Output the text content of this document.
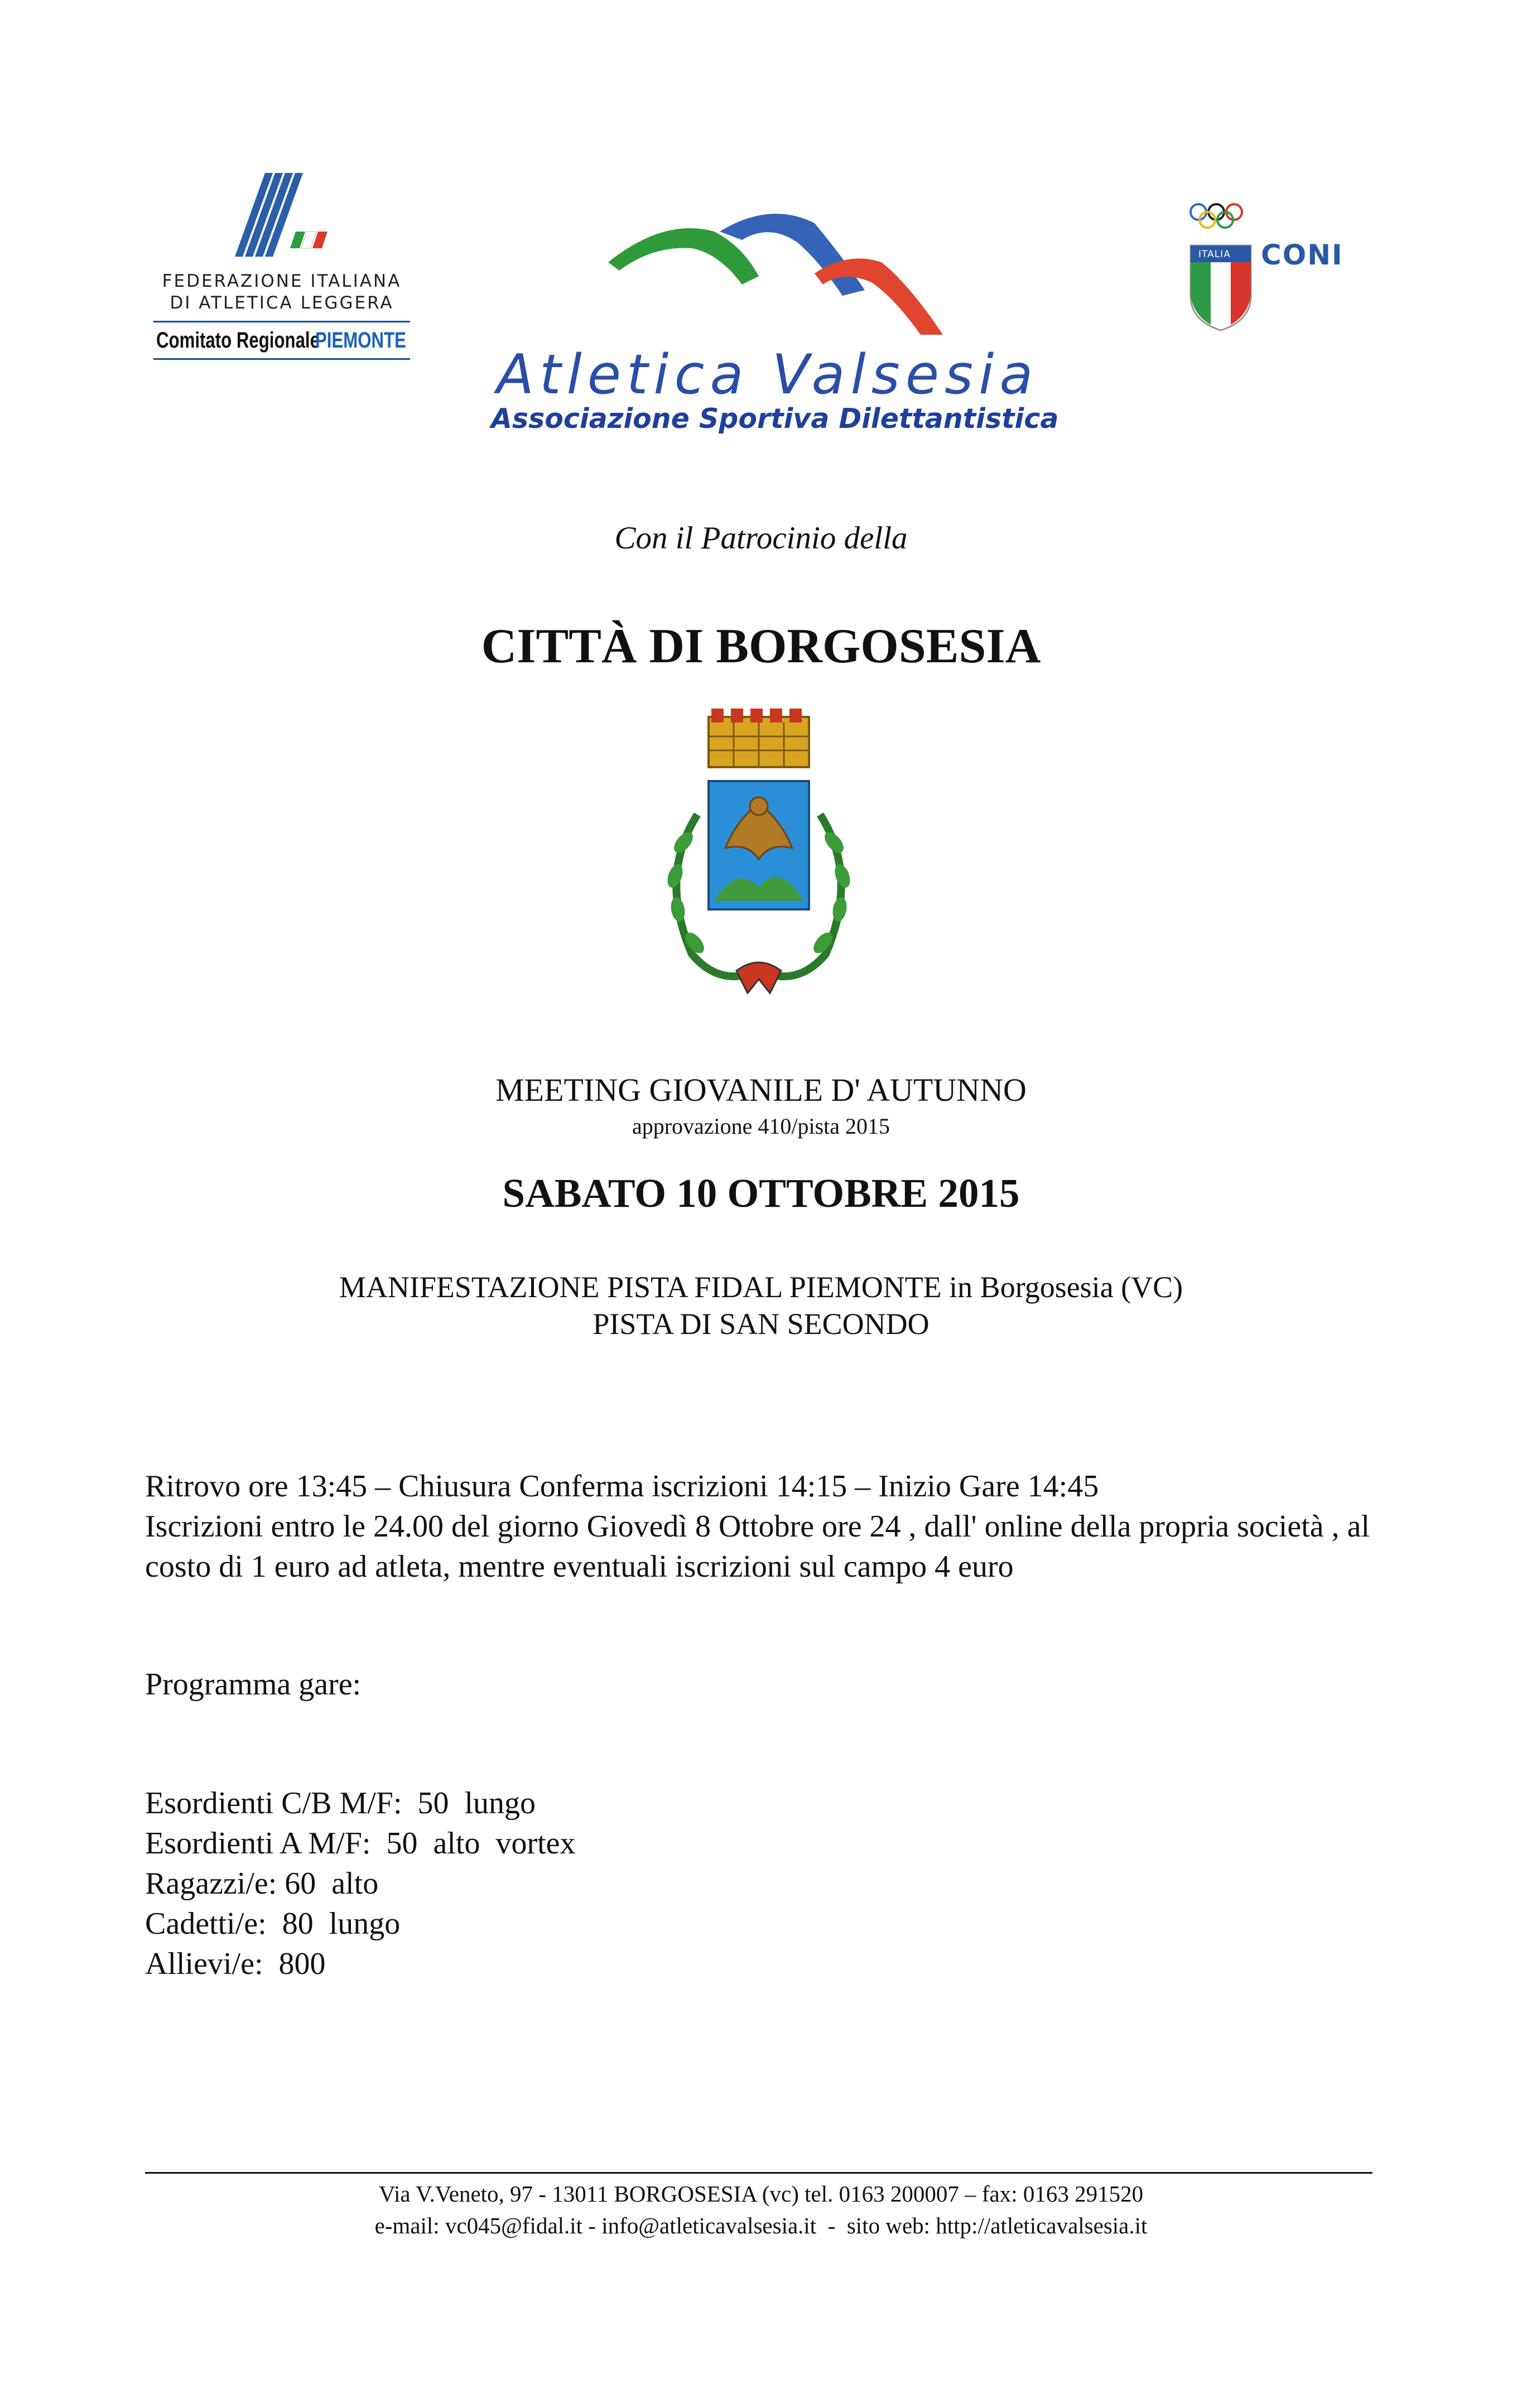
FEDERAZIONE ITALIANA
DI ATLETICA LEGGERA
Comitato Regionale
PIEMONTE
Atletica Valsesia
Associazione Sportiva Dilettantistica
ITALIA CONI
Con il Patrocinio della
CITTÀ DI BORGOSESIA
MEETING GIOVANILE D' AUTUNNO
approvazione 410/pista 2015
SABATO 10 OTTOBRE 2015
MANIFESTAZIONE PISTA FIDAL PIEMONTE in Borgosesia (VC)
PISTA DI SAN SECONDO
Ritrovo ore 13:45 – Chiusura Conferma iscrizioni 14:15 – Inizio Gare 14:45
Iscrizioni entro le 24.00 del giorno Giovedì 8 Ottobre ore 24 , dall' online della propria società , al
costo di 1 euro ad atleta, mentre eventuali iscrizioni sul campo 4 euro
Programma gare:
Esordienti C/B M/F:  50  lungo
Esordienti A M/F:  50  alto  vortex
Ragazzi/e: 60  alto
Cadetti/e:  80  lungo
Allievi/e:  800
Via V.Veneto, 97 - 13011 BORGOSESIA (vc) tel. 0163 200007 – fax: 0163 291520
e-mail: vc045@fidal.it - info@atleticavalsesia.it  -  sito web: http://atleticavalsesia.it
